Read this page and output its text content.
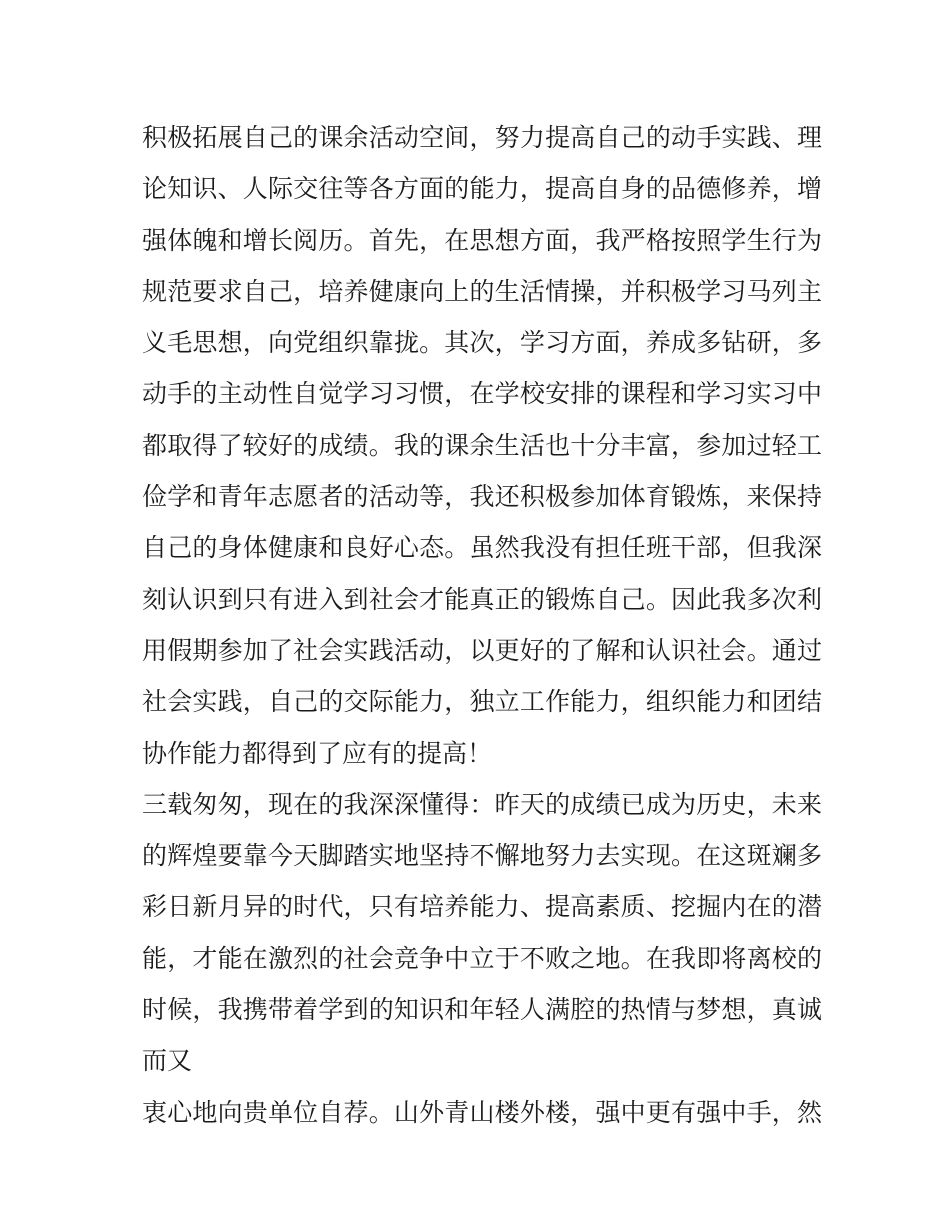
积极拓展自己的课余活动空间，努力提高自己的动手实践、理
论知识、人际交往等各方面的能力，提高自身的品德修养，增
强体魄和增长阅历。首先，在思想方面，我严格按照学生行为
规范要求自己，培养健康向上的生活情操，并积极学习马列主
义毛思想，向党组织靠拢。其次，学习方面，养成多钻研，多
动手的主动性自觉学习习惯，在学校安排的课程和学习实习中
都取得了较好的成绩。我的课余生活也十分丰富，参加过轻工
俭学和青年志愿者的活动等，我还积极参加体育锻炼，来保持
自己的身体健康和良好心态。虽然我没有担任班干部，但我深
刻认识到只有进入到社会才能真正的锻炼自己。因此我多次利
用假期参加了社会实践活动，以更好的了解和认识社会。通过
社会实践，自己的交际能力，独立工作能力，组织能力和团结
协作能力都得到了应有的提高！
三载匆匆，现在的我深深懂得：昨天的成绩已成为历史，未来
的辉煌要靠今天脚踏实地坚持不懈地努力去实现。在这斑斓多
彩日新月异的时代，只有培养能力、提高素质、挖掘内在的潜
能，才能在激烈的社会竞争中立于不败之地。在我即将离校的
时候，我携带着学到的知识和年轻人满腔的热情与梦想，真诚
而又
衷心地向贵单位自荐。山外青山楼外楼，强中更有强中手，然
